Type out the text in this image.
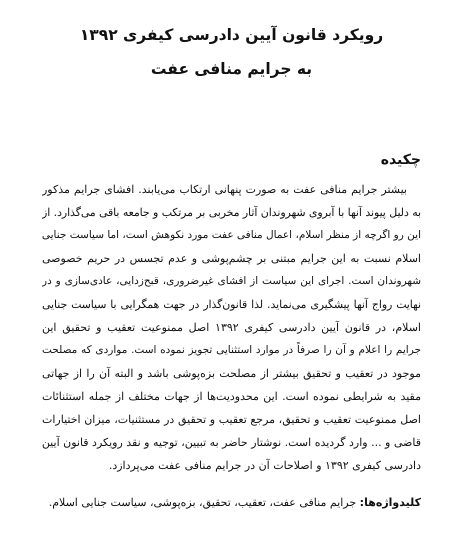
رویکرد قانون آیین دادرسی کیفری ۱۳۹۲
به جرایم منافی عفت
چکیده
بیشتر جرایم منافی عفت به صورت پنهانی ارتکاب می‌یابند. افشای جرایم مذکور
به دلیل پیوند آنها با آبروی شهروندان آثار مخربی بر مرتکب و جامعه باقی می‌گذارد. از
این رو اگرچه از منظر اسلام، اعمال منافی عفت مورد نکوهش است، اما سیاست جنایی
اسلام نسبت به این جرایم مبتنی بر چشم‌پوشی و عدم تجسس در حریم خصوصی
شهروندان است. اجرای این سیاست از افشای غیرضروری، قبح‌زدایی، عادی‌سازی و در
نهایت رواج آنها پیشگیری می‌نماید. لذا قانون‌گذار در جهت همگرایی با سیاست جنایی
اسلام، در قانون آیین دادرسی کیفری ۱۳۹۲ اصل ممنوعیت تعقیب و تحقیق این
جرایم را اعلام و آن را صرفاً در موارد استثنایی تجویز نموده است. مواردی که مصلحت
موجود در تعقیب و تحقیق بیشتر از مصلحت بزه‌پوشی باشد و البته آن را از جهاتی
مقید به شرایطی نموده است. این محدودیت‌ها از جهات مختلف از جمله استثنائات
اصل ممنوعیت تعقیب و تحقیق، مرجع تعقیب و تحقیق در مستثنیات، میزان اختیارات
قاضی و ... وارد گردیده است. نوشتار حاضر به تبیین، توجیه و نقد رویکرد قانون آیین
دادرسی کیفری ۱۳۹۲ و اصلاحات آن در جرایم منافی عفت می‌پردازد.
کلیدواژه‌ها: جرایم منافی عفت، تعقیب، تحقیق، بزه‌پوشی، سیاست جنایی اسلام.
